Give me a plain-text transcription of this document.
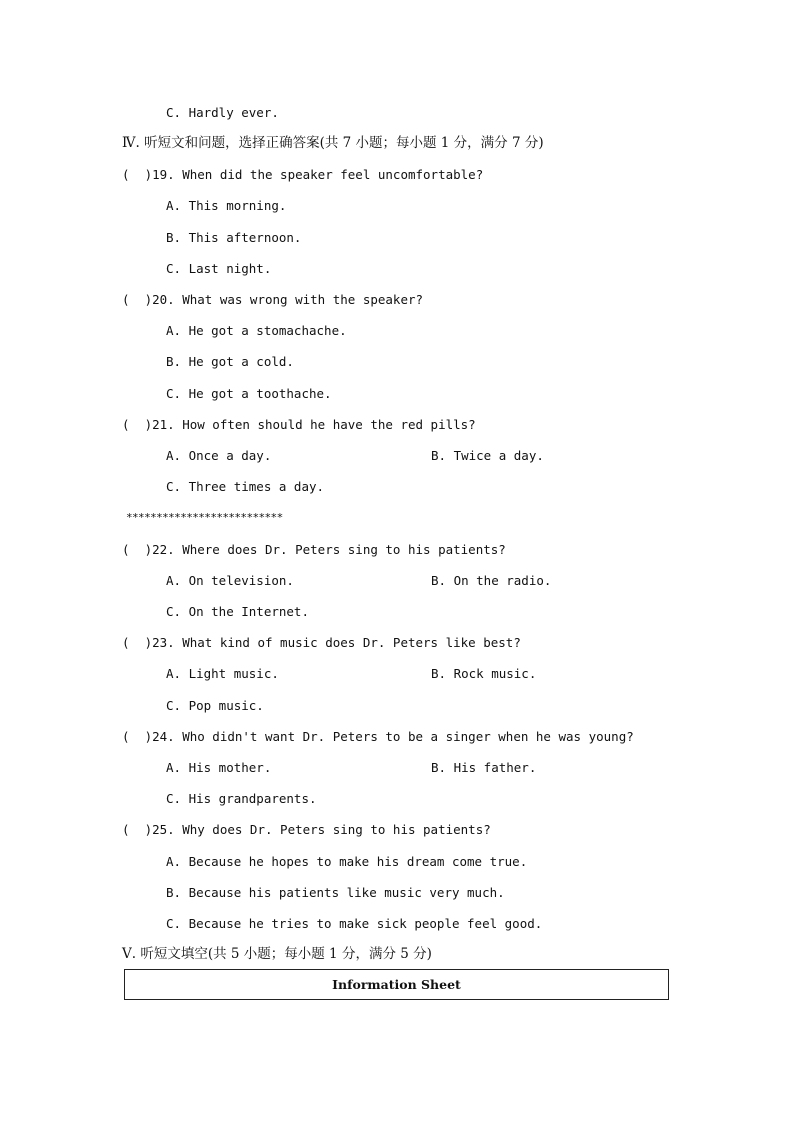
C. Hardly ever.
Ⅳ. 听短文和问题，选择正确答案(共 7 小题；每小题 1 分，满分 7 分)
(  )19. When did the speaker feel uncomfortable?
A. This morning.
B. This afternoon.
C. Last night.
(  )20. What was wrong with the speaker?
A. He got a stomachache.
B. He got a cold.
C. He got a toothache.
(  )21. How often should he have the red pills?
A. Once a day.	B. Twice a day.
C. Three times a day.
**************************
(  )22. Where does Dr. Peters sing to his patients?
A. On television.	B. On the radio.
C. On the Internet.
(  )23. What kind of music does Dr. Peters like best?
A. Light music.	B. Rock music.
C. Pop music.
(  )24. Who didn't want Dr. Peters to be a singer when he was young?
A. His mother.	B. His father.
C. His grandparents.
(  )25. Why does Dr. Peters sing to his patients?
A. Because he hopes to make his dream come true.
B. Because his patients like music very much.
C. Because he tries to make sick people feel good.
Ⅴ. 听短文填空(共 5 小题；每小题 1 分，满分 5 分)
Information Sheet
